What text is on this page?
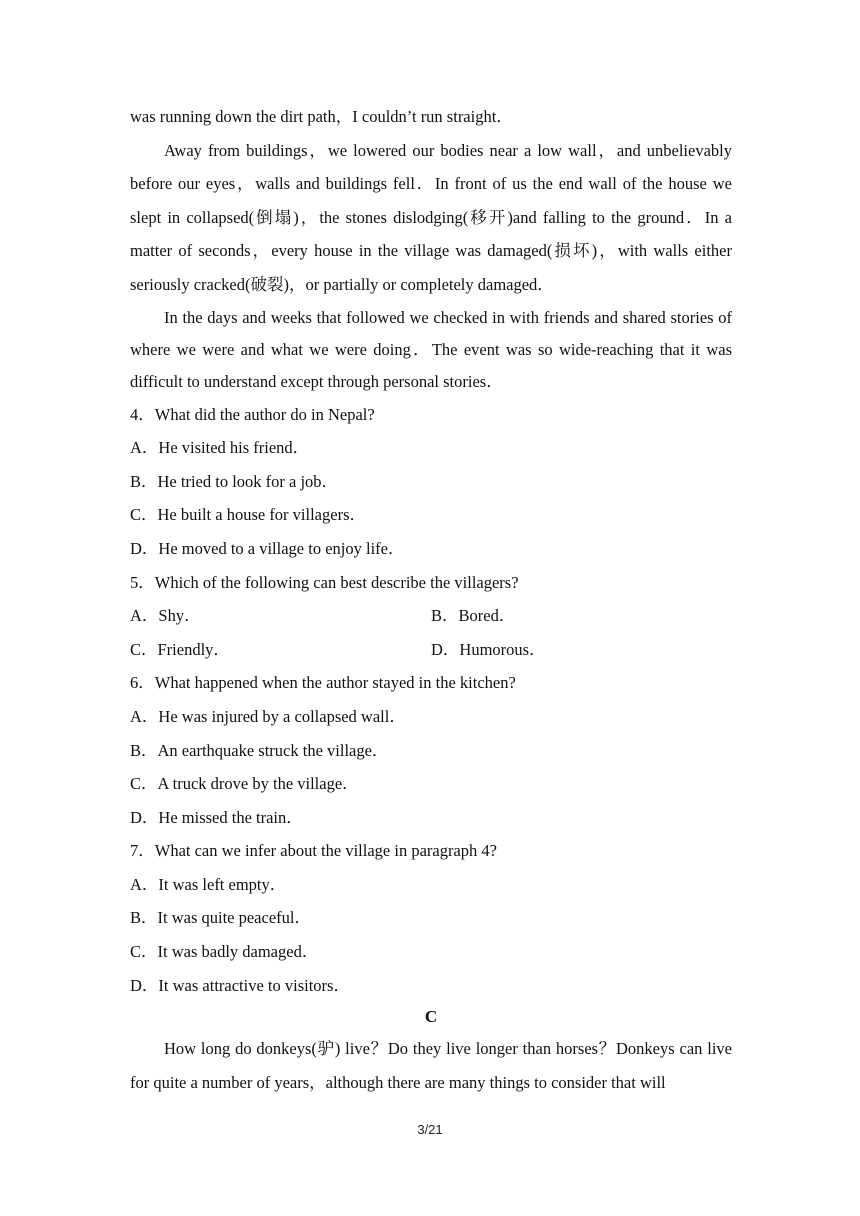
was running down the dirt path，I couldn’t run straight．

Away from buildings，we lowered our bodies near a low wall，and unbelievably before our eyes，walls and buildings fell．In front of us the end wall of the house we slept in collapsed(倒塌)，the stones dislodging(移开)and falling to the ground．In a matter of seconds，every house in the village was damaged(损坏)，with walls either seriously cracked(破裂)，or partially or completely damaged．

In the days and weeks that followed we checked in with friends and shared stories of where we were and what we were doing．The event was so wide-reaching that it was difficult to understand except through personal stories．

4．What did the author do in Nepal?

A．He visited his friend．

B．He tried to look for a job．

C．He built a house for villagers．

D．He moved to a village to enjoy life．

5．Which of the following can best describe the villagers?

A．Shy．	B．Bored．
C．Friendly．	D．Humorous．

6．What happened when the author stayed in the kitchen?

A．He was injured by a collapsed wall．

B．An earthquake struck the village．

C．A truck drove by the village．

D．He missed the train．

7．What can we infer about the village in paragraph 4?

A．It was left empty．

B．It was quite peaceful．

C．It was badly damaged．

D．It was attractive to visitors．

C

How long do donkeys(驴) live？Do they live longer than horses？Donkeys can live for quite a number of years，although there are many things to consider that will

3/21
